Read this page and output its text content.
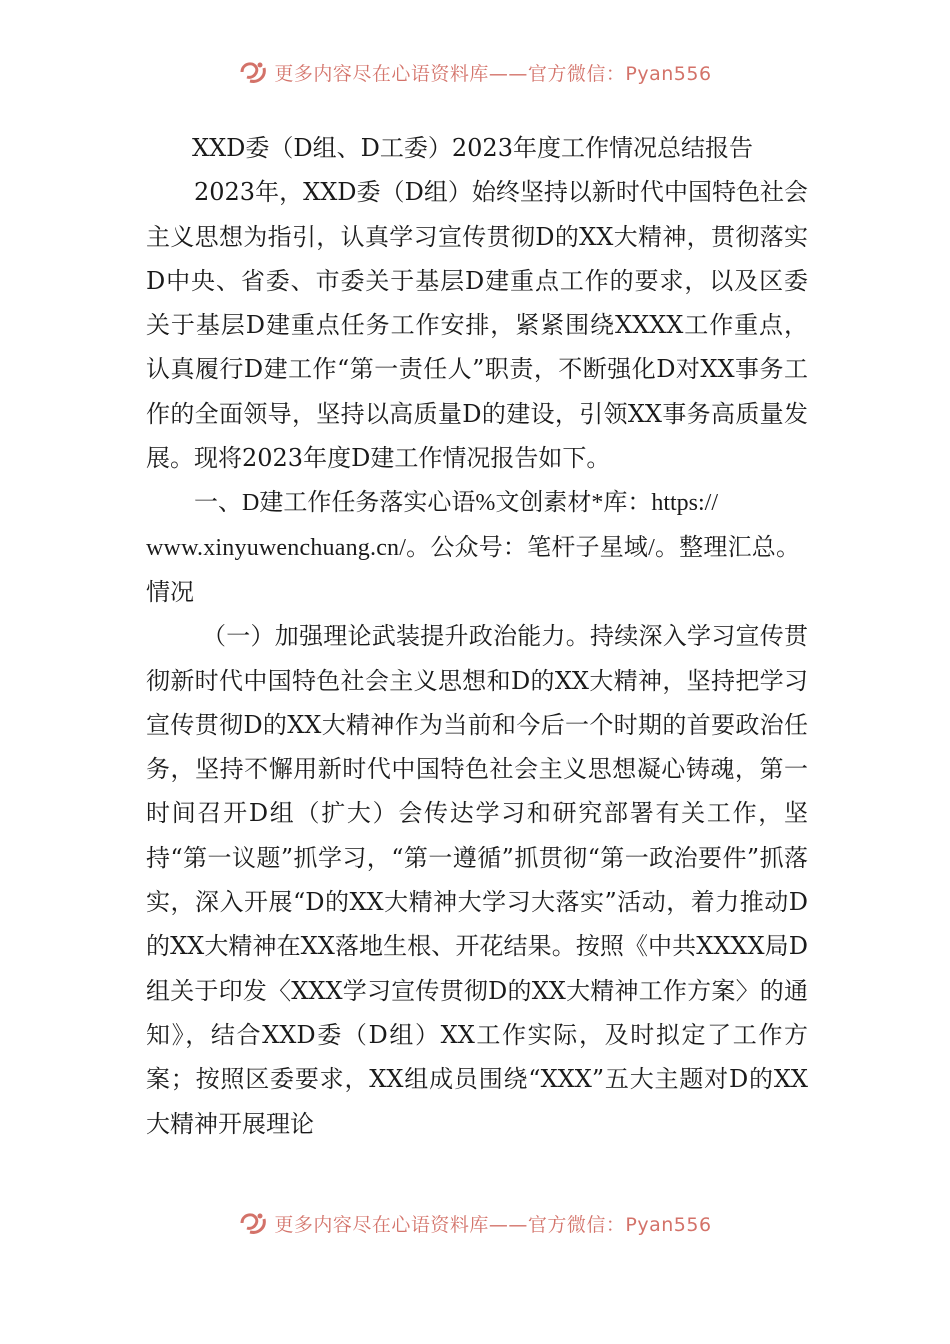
更多内容尽在心语资料库——官方微信：Pyan556

XXD委（D组、D工委）2023年度工作情况总结报告

2023年，XXD委（D组）始终坚持以新时代中国特色社会主义思想为指引，认真学习宣传贯彻D的XX大精神，贯彻落实D中央、省委、市委关于基层D建重点工作的要求，以及区委关于基层D建重点任务工作安排，紧紧围绕XXXX工作重点，认真履行D建工作“第一责任人”职责，不断强化D对XX事务工作的全面领导，坚持以高质量D的建设，引领XX事务高质量发展。现将2023年度D建工作情况报告如下。

一、D建工作任务落实心语%文创素材*库：https://

www.xinyuwenchuang.cn/。公众号：笔杆子星域/。整理汇总。

情况

（一）加强理论武装提升政治能力。持续深入学习宣传贯彻新时代中国特色社会主义思想和D的XX大精神，坚持把学习宣传贯彻D的XX大精神作为当前和今后一个时期的首要政治任务，坚持不懈用新时代中国特色社会主义思想凝心铸魂，第一时间召开D组（扩大）会传达学习和研究部署有关工作，坚持“第一议题”抓学习，“第一遵循”抓贯彻“第一政治要件”抓落实，深入开展“D的XX大精神大学习大落实”活动，着力推动D的XX大精神在XX落地生根、开花结果。按照《中共XXXX局D组关于印发〈XXX学习宣传贯彻D的XX大精神工作方案〉的通知》，结合XXD委（D组）XX工作实际，及时拟定了工作方案；按照区委要求，XX组成员围绕“XXX”五大主题对D的XX大精神开展理论

更多内容尽在心语资料库——官方微信：Pyan556
